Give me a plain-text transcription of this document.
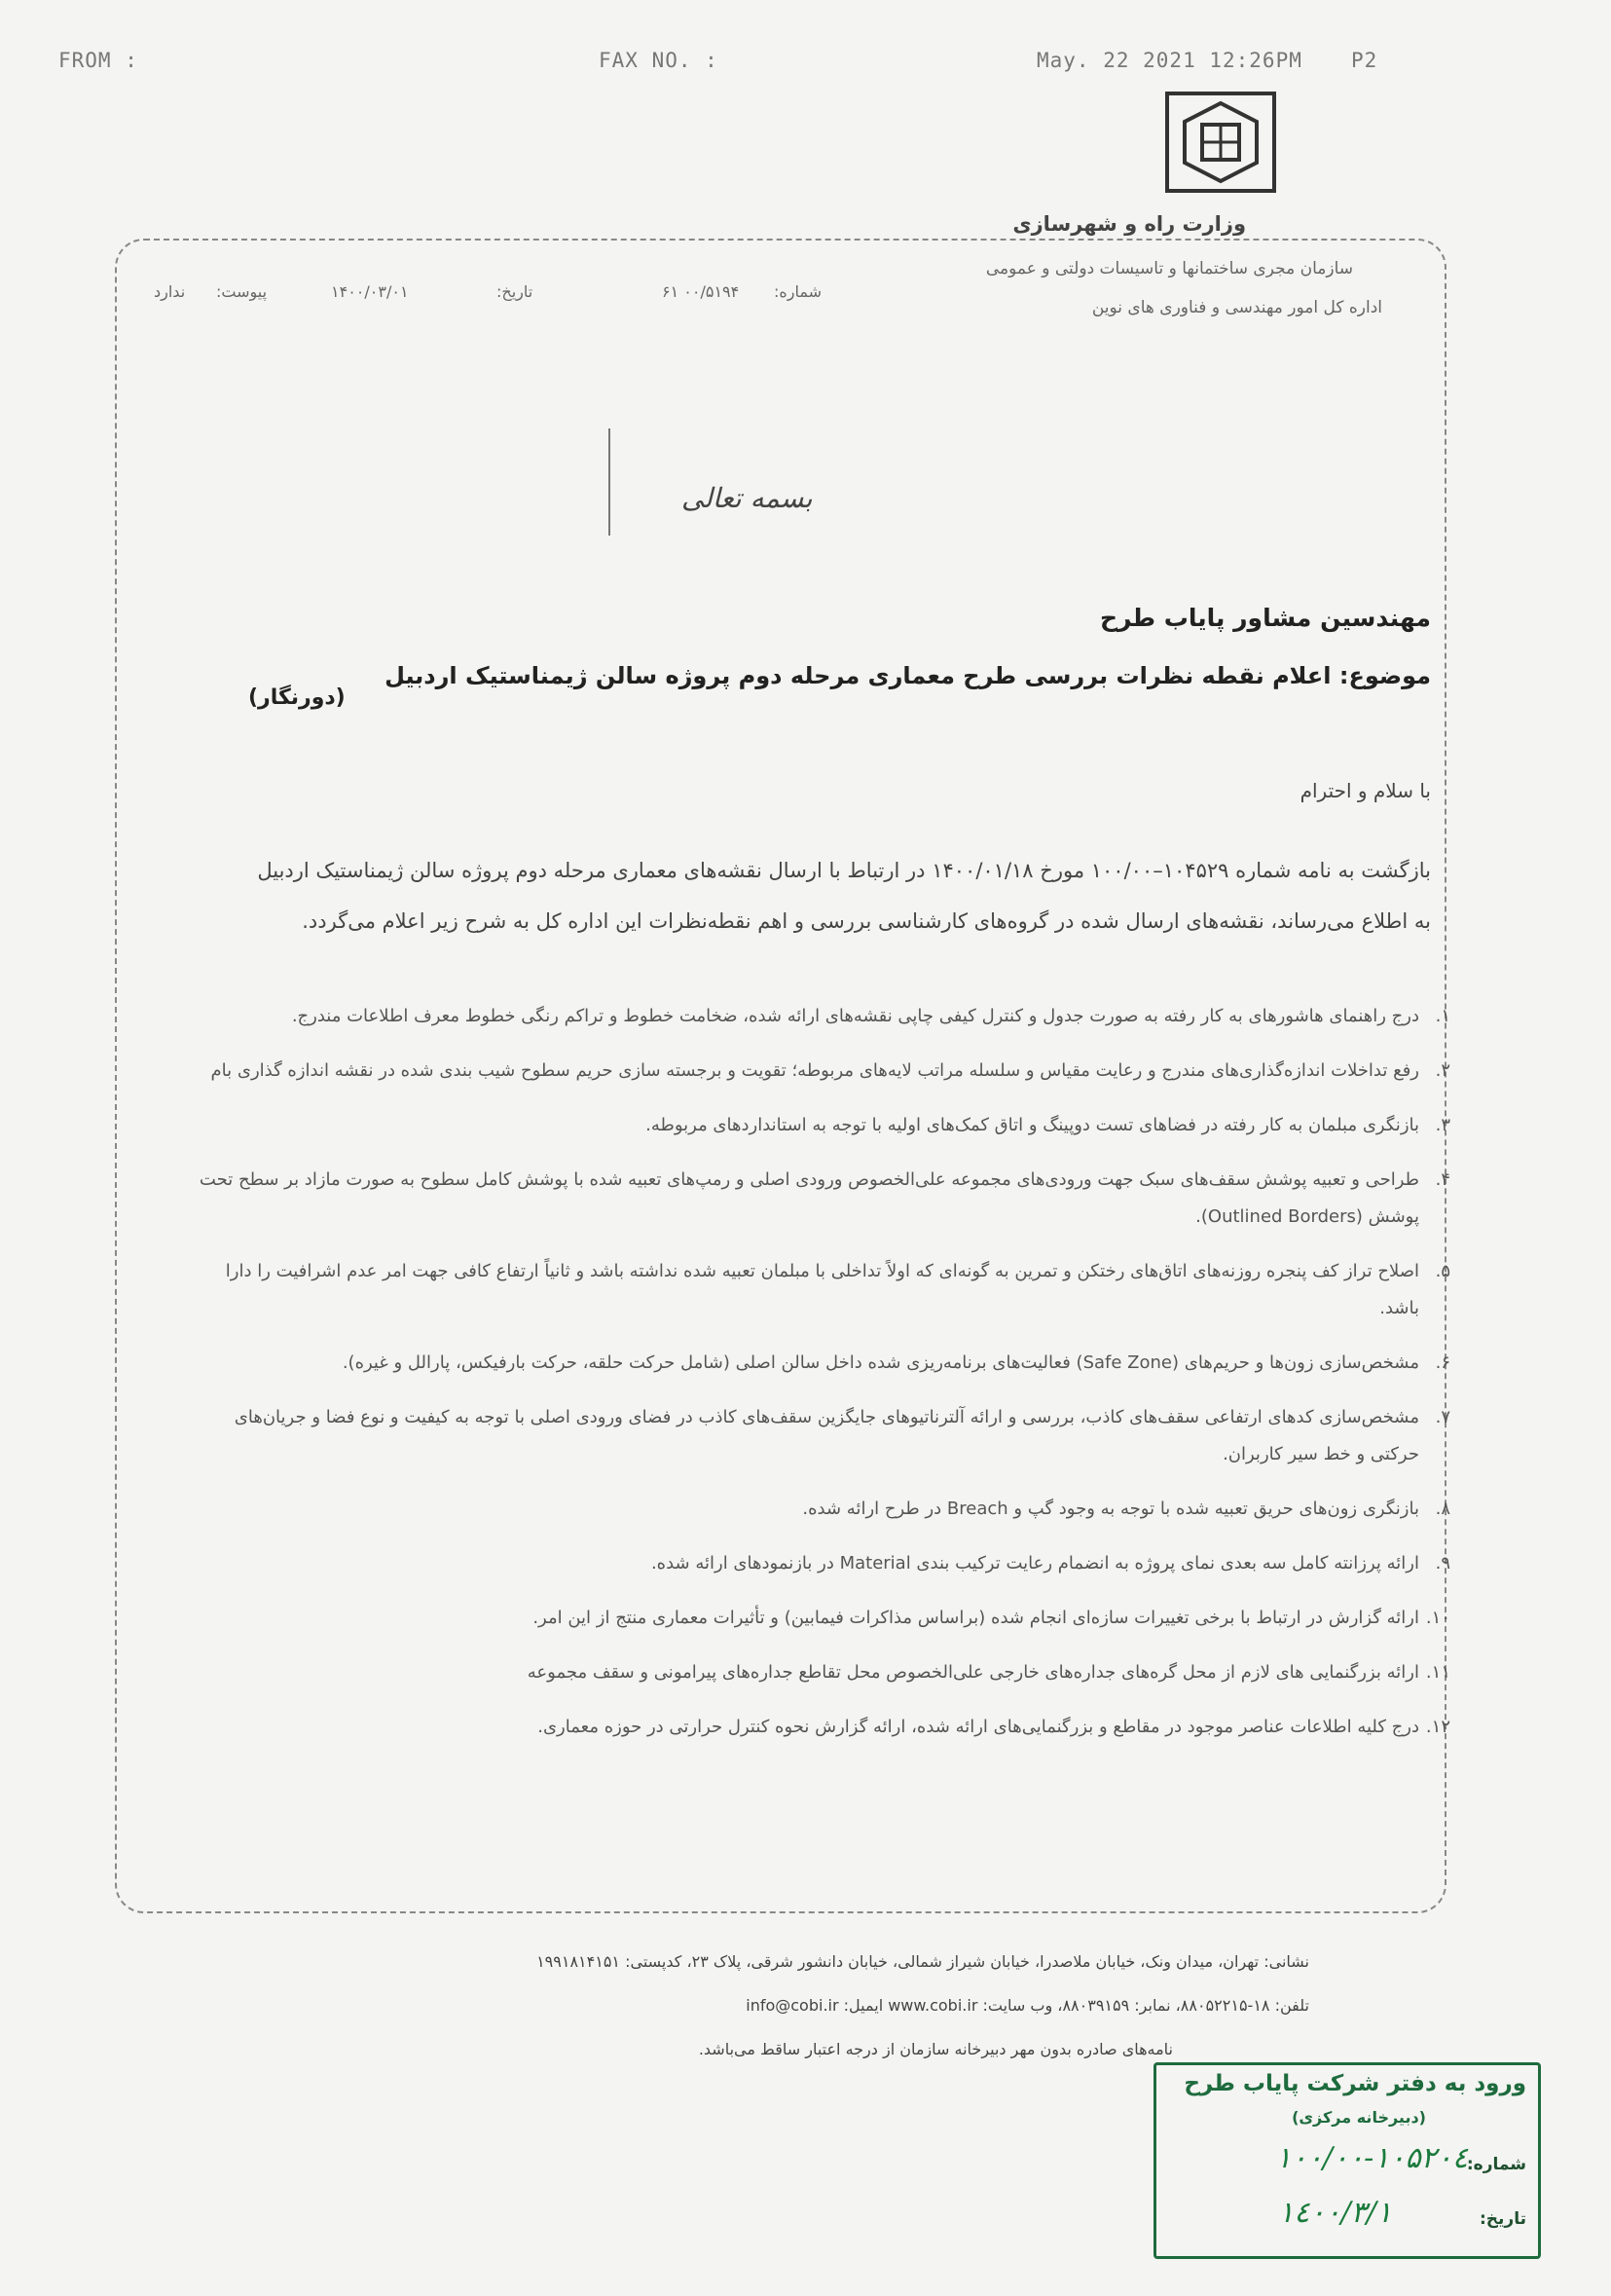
FROM :	FAX NO. :	May. 22 2021 12:26PM P2
وزارت راه و شهرسازی
سازمان مجری ساختمانها و تاسیسات دولتی و عمومی
اداره کل امور مهندسی و فناوری های نوین
شماره:
۶۱ ۰۰/۵۱۹۴
تاریخ:
۱۴۰۰/۰۳/۰۱
پیوست:
ندارد
بسمه تعالی
مهندسین مشاور پایاب طرح
موضوع: اعلام نقطه نظرات بررسی طرح معماری مرحله دوم پروژه سالن ژیمناستیک اردبیل
(دورنگار)
با سلام و احترام
بازگشت به نامه شماره ۱۰۴۵۲۹–۱۰۰/۰۰ مورخ ۱۴۰۰/۰۱/۱۸ در ارتباط با ارسال نقشه‌های معماری مرحله دوم پروژه سالن ژیمناستیک اردبیل به اطلاع می‌رساند، نقشه‌های ارسال شده در گروه‌های کارشناسی بررسی و اهم نقطه‌نظرات این اداره کل به شرح زیر اعلام می‌گردد.
۱.
درج راهنمای هاشورهای به کار رفته به صورت جدول و کنترل کیفی چاپی نقشه‌های ارائه شده، ضخامت خطوط و تراکم رنگی خطوط معرف اطلاعات مندرج.
۲.
رفع تداخلات اندازه‌گذاری‌های مندرج و رعایت مقیاس و سلسله مراتب لایه‌های مربوطه؛ تقویت و برجسته سازی حریم سطوح شیب بندی شده در نقشه اندازه گذاری بام
۳.
بازنگری مبلمان به کار رفته در فضاهای تست دوپینگ و اتاق کمک‌های اولیه با توجه به استانداردهای مربوطه.
۴.
طراحی و تعبیه پوشش سقف‌های سبک جهت ورودی‌های مجموعه علی‌الخصوص ورودی اصلی و رمپ‌های تعبیه شده با پوشش کامل سطوح به صورت مازاد بر سطح تحت پوشش (Outlined Borders).
۵.
اصلاح تراز کف پنجره روزنه‌های اتاق‌های رختکن و تمرین به گونه‌ای که اولاً تداخلی با مبلمان تعبیه شده نداشته باشد و ثانیاً ارتفاع کافی جهت امر عدم اشرافیت را دارا باشد.
۶.
مشخص‌سازی زون‌ها و حریم‌های (Safe Zone) فعالیت‌های برنامه‌ریزی شده داخل سالن اصلی (شامل حرکت حلقه، حرکت بارفیکس، پارالل و غیره).
۷.
مشخص‌سازی کدهای ارتفاعی سقف‌های کاذب، بررسی و ارائه آلترناتیوهای جایگزین سقف‌های کاذب در فضای ورودی اصلی با توجه به کیفیت و نوع فضا و جریان‌های حرکتی و خط سیر کاربران.
۸.
بازنگری زون‌های حریق تعبیه شده با توجه به وجود گپ و Breach در طرح ارائه شده.
۹.
ارائه پرزانته کامل سه بعدی نمای پروژه به انضمام رعایت ترکیب بندی Material در بازنمودهای ارائه شده.
۱۰.
ارائه گزارش در ارتباط با برخی تغییرات سازه‌ای انجام شده (براساس مذاکرات فیمابین) و تأثیرات معماری منتج از این امر.
۱۱.
ارائه بزرگنمایی های لازم از محل گره‌های جداره‌های خارجی علی‌الخصوص محل تقاطع جداره‌های پیرامونی و سقف مجموعه
۱۲.
درج کلیه اطلاعات عناصر موجود در مقاطع و بزرگنمایی‌های ارائه شده، ارائه گزارش نحوه کنترل حرارتی در حوزه معماری.
نشانی: تهران، میدان ونک، خیابان ملاصدرا، خیابان شیراز شمالی، خیابان دانشور شرقی، پلاک ۲۳، کدپستی: ۱۹۹۱۸۱۴۱۵۱
تلفن: ۱۸-۸۸۰۵۲۲۱۵، نمابر: ۸۸۰۳۹۱۵۹، وب سایت: www.cobi.ir ایمیل: info@cobi.ir
نامه‌های صادره بدون مهر دبیرخانه سازمان از درجه اعتبار ساقط می‌باشد.
ورود به دفتر شرکت پایاب طرح
(دبیرخانه مرکزی)
شماره:
۱۰۰/۰۰-۱۰۵۲۰٤
تاریخ:
۱٤۰۰/۳/۱
